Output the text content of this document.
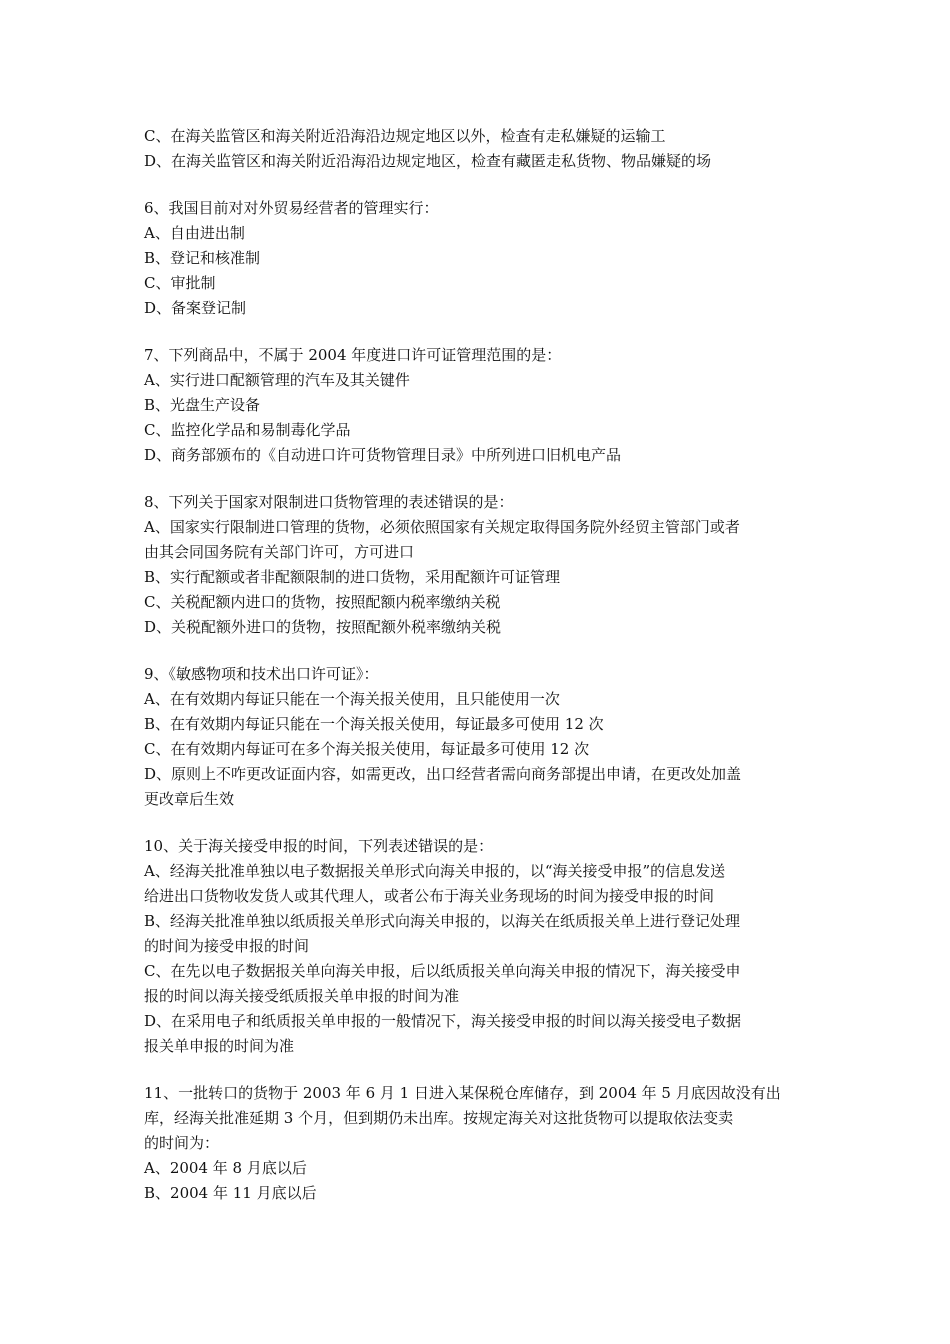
C、在海关监管区和海关附近沿海沿边规定地区以外，检查有走私嫌疑的运输工
D、在海关监管区和海关附近沿海沿边规定地区，检查有藏匿走私货物、物品嫌疑的场
6、我国目前对对外贸易经营者的管理实行：
A、自由进出制
B、登记和核准制
C、审批制
D、备案登记制
7、下列商品中，不属于 2004 年度进口许可证管理范围的是：
A、实行进口配额管理的汽车及其关键件
B、光盘生产设备
C、监控化学品和易制毒化学品
D、商务部颁布的《自动进口许可货物管理目录》中所列进口旧机电产品
8、下列关于国家对限制进口货物管理的表述错误的是：
A、国家实行限制进口管理的货物，必须依照国家有关规定取得国务院外经贸主管部门或者
由其会同国务院有关部门许可，方可进口
B、实行配额或者非配额限制的进口货物，采用配额许可证管理
C、关税配额内进口的货物，按照配额内税率缴纳关税
D、关税配额外进口的货物，按照配额外税率缴纳关税
9、《敏感物项和技术出口许可证》：
A、在有效期内每证只能在一个海关报关使用，且只能使用一次
B、在有效期内每证只能在一个海关报关使用，每证最多可使用 12 次
C、在有效期内每证可在多个海关报关使用，每证最多可使用 12 次
D、原则上不咋更改证面内容，如需更改，出口经营者需向商务部提出申请，在更改处加盖
更改章后生效
10、关于海关接受申报的时间，下列表述错误的是：
A、经海关批准单独以电子数据报关单形式向海关申报的，以“海关接受申报”的信息发送
给进出口货物收发货人或其代理人，或者公布于海关业务现场的时间为接受申报的时间
B、经海关批准单独以纸质报关单形式向海关申报的，以海关在纸质报关单上进行登记处理
的时间为接受申报的时间
C、在先以电子数据报关单向海关申报，后以纸质报关单向海关申报的情况下，海关接受申
报的时间以海关接受纸质报关单申报的时间为准
D、在采用电子和纸质报关单申报的一般情况下，海关接受申报的时间以海关接受电子数据
报关单申报的时间为准
11、一批转口的货物于 2003 年 6 月 1 日进入某保税仓库储存，到 2004 年 5 月底因故没有出
库，经海关批准延期 3 个月，但到期仍未出库。按规定海关对这批货物可以提取依法变卖
的时间为：
A、2004 年 8 月底以后
B、2004 年 11 月底以后
